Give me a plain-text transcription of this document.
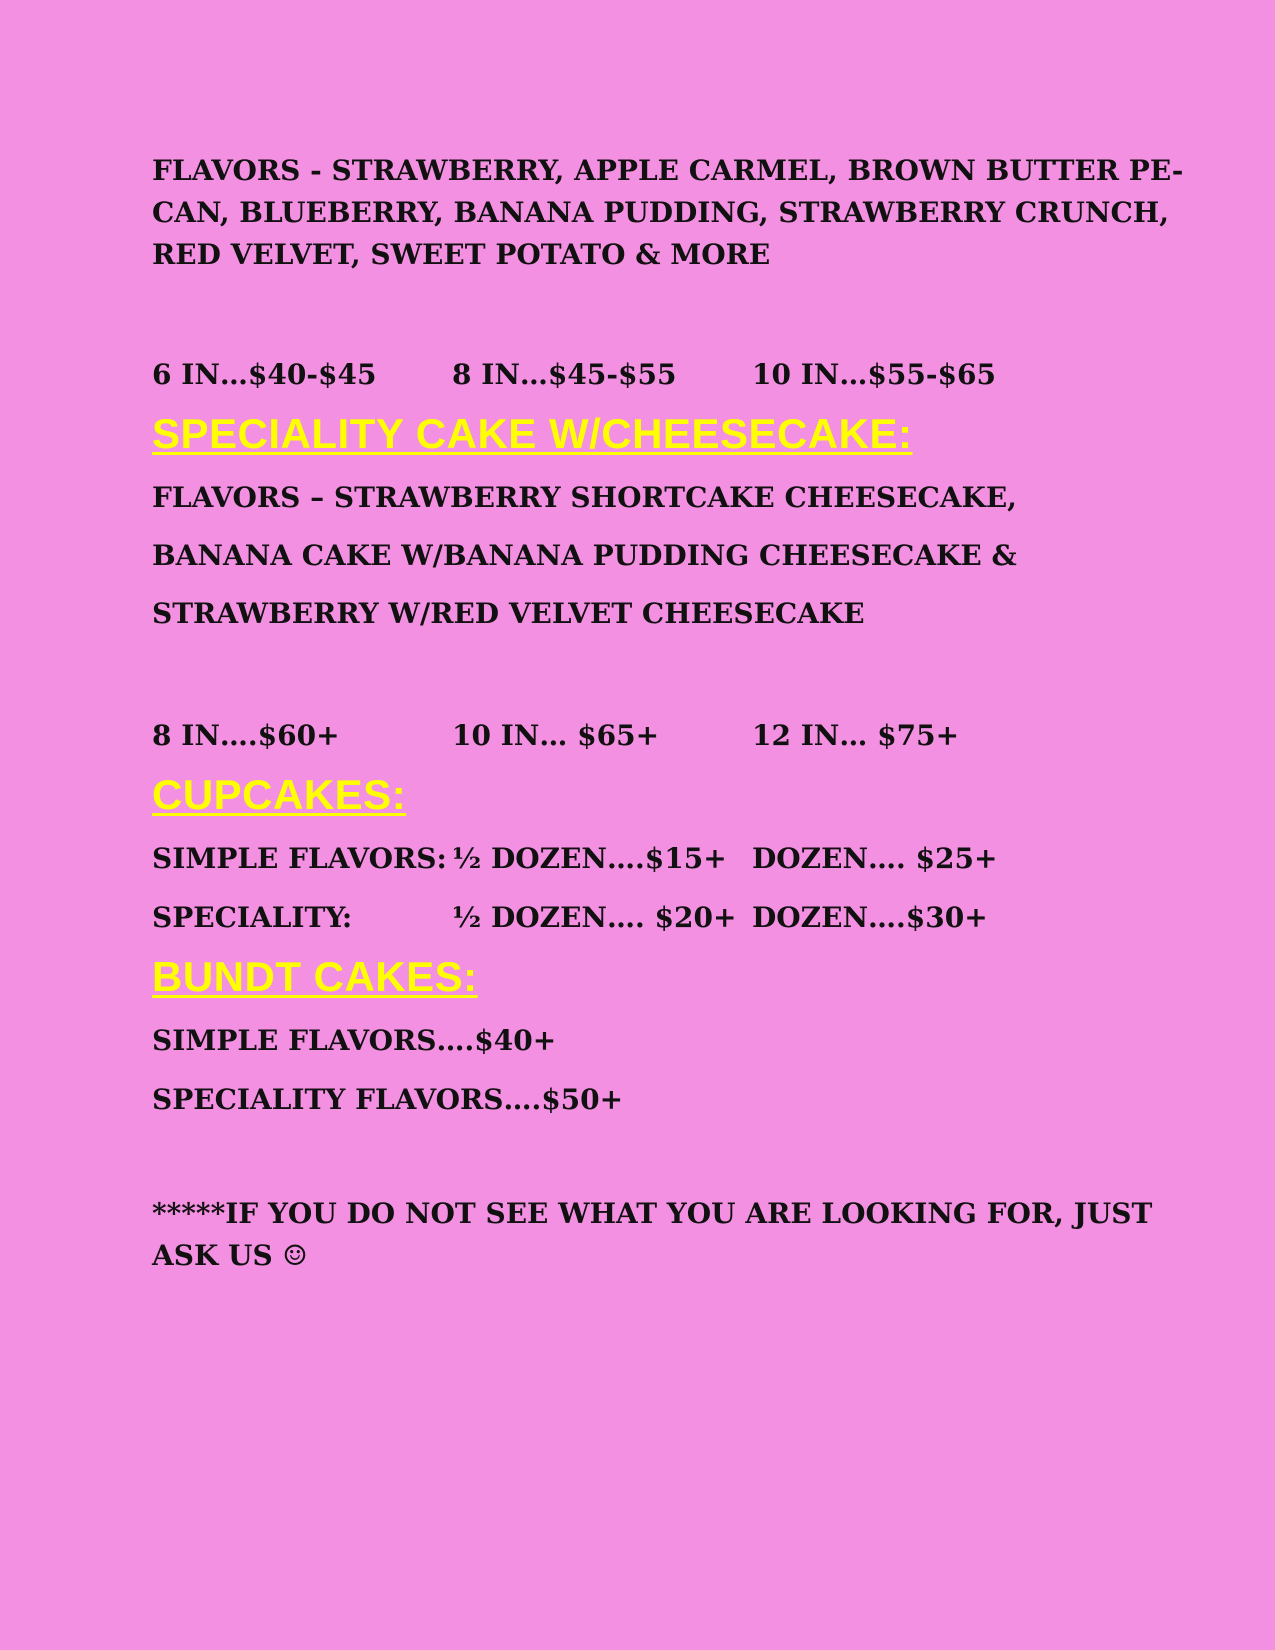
FLAVORS - STRAWBERRY, APPLE CARMEL, BROWN BUTTER PE-

CAN, BLUEBERRY, BANANA PUDDING, STRAWBERRY CRUNCH,

RED VELVET, SWEET POTATO & MORE

6 IN…$40-$45	8 IN…$45-$55	10 IN…$55-$65

SPECIALITY CAKE W/CHEESECAKE:

FLAVORS – STRAWBERRY SHORTCAKE CHEESECAKE,

BANANA CAKE W/BANANA PUDDING CHEESECAKE &

STRAWBERRY W/RED VELVET CHEESECAKE

8 IN….$60+	10 IN… $65+	12 IN… $75+

CUPCAKES:

SIMPLE FLAVORS: ½ DOZEN….$15+ DOZEN…. $25+

SPECIALITY:	½ DOZEN…. $20+ DOZEN….$30+

BUNDT CAKES:

SIMPLE FLAVORS….$40+

SPECIALITY FLAVORS….$50+

*****IF YOU DO NOT SEE WHAT YOU ARE LOOKING FOR, JUST

ASK US ☺
